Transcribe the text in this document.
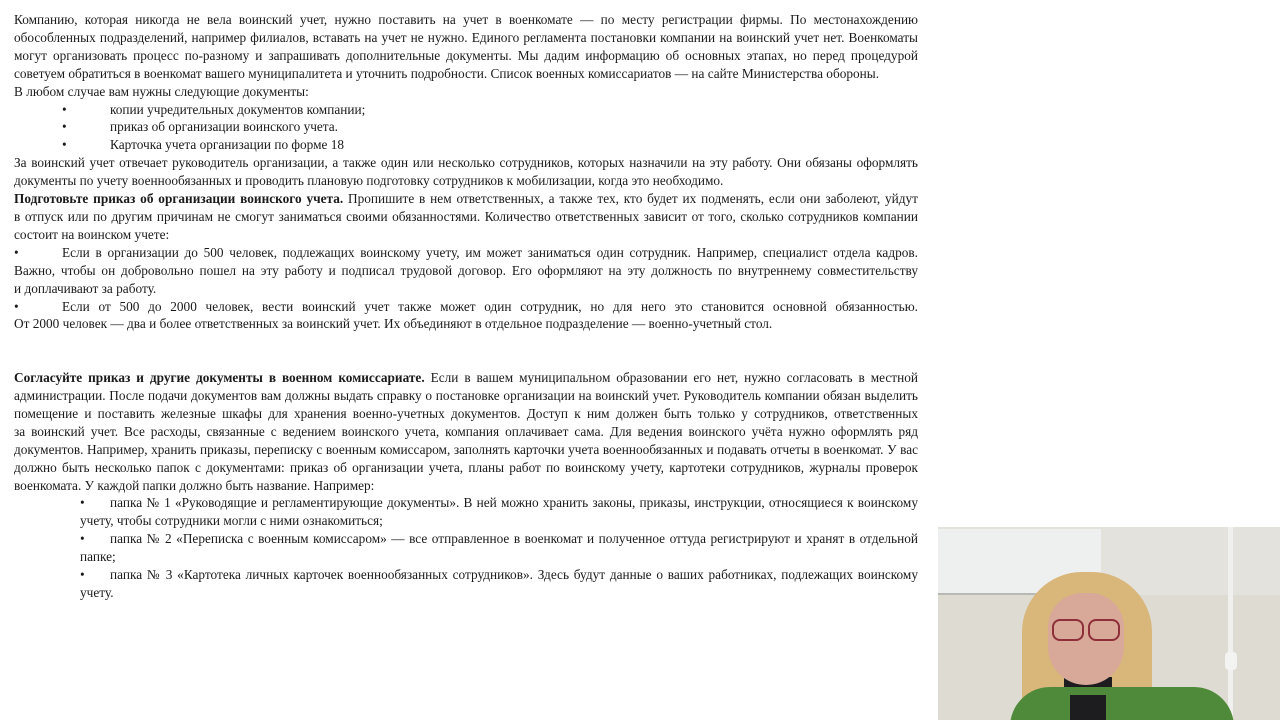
Компанию, которая никогда не вела воинский учет, нужно поставить на учет в военкомате — по месту регистрации фирмы. По местонахождению

обособленных подразделений, например филиалов, вставать на учет не нужно. Единого регламента постановки компании на воинский учет нет. Военкоматы

могут организовать процесс по-разному и запрашивать дополнительные документы. Мы дадим информацию об основных этапах, но перед процедурой

советуем обратиться в военкомат вашего муниципалитета и уточнить подробности. Список военных комиссариатов — на сайте Министерства обороны.

В любом случае вам нужны следующие документы:

•	копии учредительных документов компании;
•	приказ об организации воинского учета.
•	Карточка учета организации по форме 18

За воинский учет отвечает руководитель организации, а также один или несколько сотрудников, которых назначили на эту работу. Они обязаны оформлять

документы по учету военнообязанных и проводить плановую подготовку сотрудников к мобилизации, когда это необходимо.

Подготовьте приказ об организации воинского учета. Пропишите в нем ответственных, а также тех, кто будет их подменять, если они заболеют, уйдут

в отпуск или по другим причинам не смогут заниматься своими обязанностями. Количество ответственных зависит от того, сколько сотрудников компании

состоит на воинском учете:

•	Если в организации до 500 человек, подлежащих воинскому учету, им может заниматься один сотрудник. Например, специалист отдела кадров.

Важно, чтобы он добровольно пошел на эту работу и подписал трудовой договор. Его оформляют на эту должность по внутреннему совместительству

и доплачивают за работу.

•	Если от 500 до 2000 человек, вести воинский учет также может один сотрудник, но для него это становится основной обязанностью.

От 2000 человек — два и более ответственных за воинский учет. Их объединяют в отдельное подразделение — военно-учетный стол.

Согласуйте приказ и другие документы в военном комиссариате. Если в вашем муниципальном образовании его нет, нужно согласовать в местной

администрации. После подачи документов вам должны выдать справку о постановке организации на воинский учет. Руководитель компании обязан выделить

помещение и поставить железные шкафы для хранения военно-учетных документов. Доступ к ним должен быть только у сотрудников, ответственных

за воинский учет. Все расходы, связанные с ведением воинского учета, компания оплачивает сама. Для ведения воинского учёта нужно оформлять ряд

документов. Например, хранить приказы, переписку с военным комиссаром, заполнять карточки учета военнообязанных и подавать отчеты в военкомат. У вас

должно быть несколько папок с документами: приказ об организации учета, планы работ по воинскому учету, картотеки сотрудников, журналы проверок

военкомата. У каждой папки должно быть название. Например:

•	папка № 1 «Руководящие и регламентирующие документы». В ней можно хранить законы, приказы, инструкции, относящиеся к воинскому

учету, чтобы сотрудники могли с ними ознакомиться;

•	папка № 2 «Переписка с военным комиссаром» — все отправленное в военкомат и полученное оттуда регистрируют и хранят в отдельной

папке;

•	папка № 3 «Картотека личных карточек военнообязанных сотрудников». Здесь будут данные о ваших работниках, подлежащих воинскому

учету.
